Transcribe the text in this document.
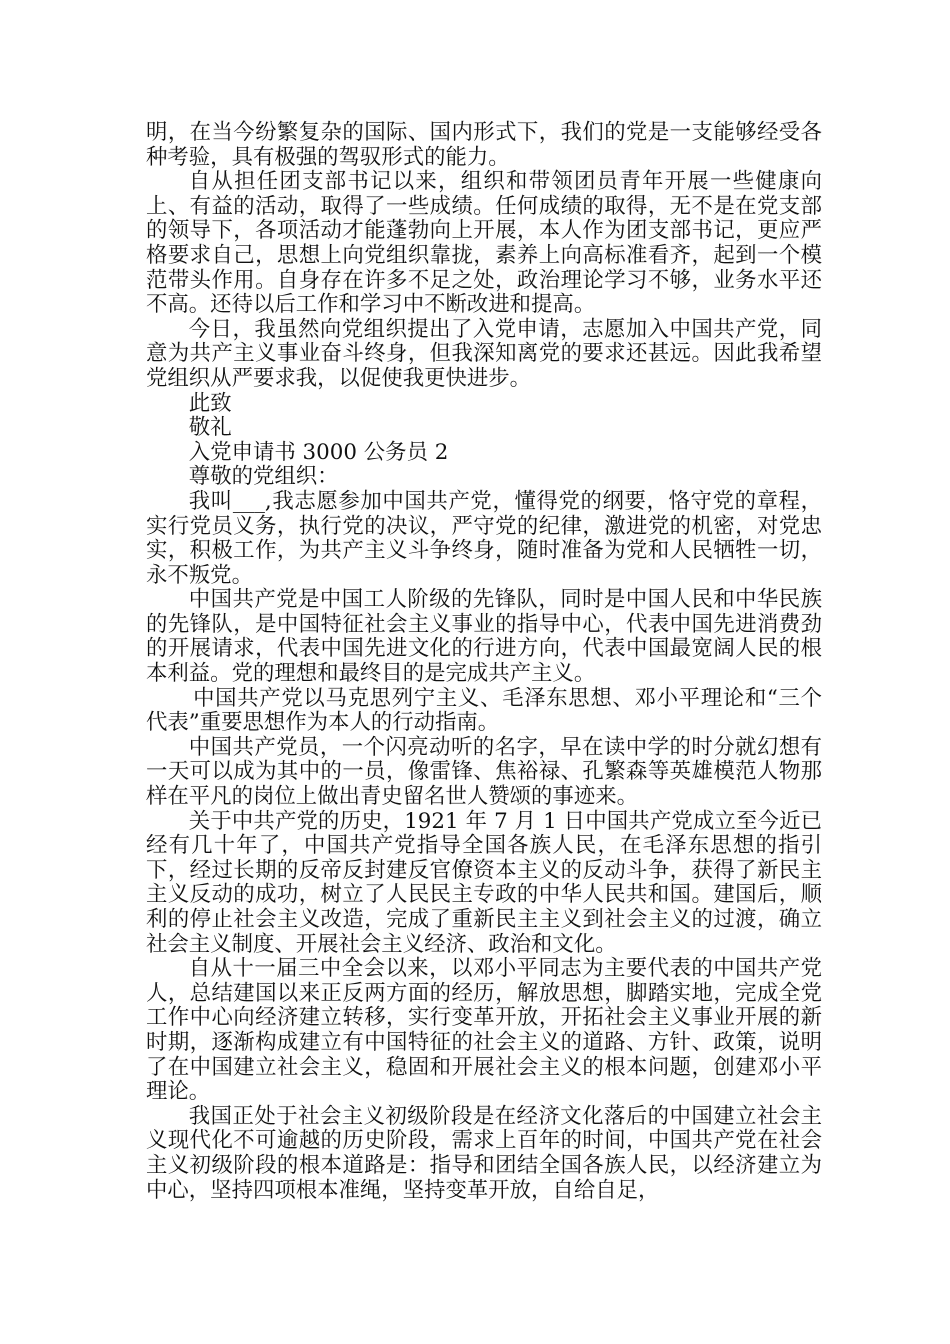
明，在当今纷繁复杂的国际、国内形式下，我们的党是一支能够经受各种考验，具有极强的驾驭形式的能力。

自从担任团支部书记以来，组织和带领团员青年开展一些健康向上、有益的活动，取得了一些成绩。任何成绩的取得，无不是在党支部的领导下，各项活动才能蓬勃向上开展，本人作为团支部书记，更应严格要求自己，思想上向党组织靠拢，素养上向高标准看齐，起到一个模范带头作用。自身存在许多不足之处，政治理论学习不够，业务水平还不高。还待以后工作和学习中不断改进和提高。

今日，我虽然向党组织提出了入党申请，志愿加入中国共产党，同意为共产主义事业奋斗终身，但我深知离党的要求还甚远。因此我希望党组织从严要求我，以促使我更快进步。

此致

敬礼

入党申请书 3000 公务员 2

尊敬的党组织：

我叫___,我志愿参加中国共产党，懂得党的纲要，恪守党的章程，实行党员义务，执行党的决议，严守党的纪律，激进党的机密，对党忠实，积极工作，为共产主义斗争终身，随时准备为党和人民牺牲一切，永不叛党。

中国共产党是中国工人阶级的先锋队，同时是中国人民和中华民族的先锋队，是中国特征社会主义事业的指导中心，代表中国先进消费劲的开展请求，代表中国先进文化的行进方向，代表中国最宽阔人民的根本利益。党的理想和最终目的是完成共产主义。

中国共产党以马克思列宁主义、毛泽东思想、邓小平理论和“三个代表”重要思想作为本人的行动指南。

中国共产党员，一个闪亮动听的名字，早在读中学的时分就幻想有一天可以成为其中的一员，像雷锋、焦裕禄、孔繁森等英雄模范人物那样在平凡的岗位上做出青史留名世人赞颂的事迹来。

关于中共产党的历史，1921 年 7 月 1 日中国共产党成立至今近已经有几十年了，中国共产党指导全国各族人民，在毛泽东思想的指引下，经过长期的反帝反封建反官僚资本主义的反动斗争，获得了新民主主义反动的成功，树立了人民民主专政的中华人民共和国。建国后，顺利的停止社会主义改造，完成了重新民主主义到社会主义的过渡，确立社会主义制度、开展社会主义经济、政治和文化。

自从十一届三中全会以来，以邓小平同志为主要代表的中国共产党人，总结建国以来正反两方面的经历，解放思想，脚踏实地，完成全党工作中心向经济建立转移，实行变革开放，开拓社会主义事业开展的新时期，逐渐构成建立有中国特征的社会主义的道路、方针、政策，说明了在中国建立社会主义，稳固和开展社会主义的根本问题，创建邓小平理论。

我国正处于社会主义初级阶段是在经济文化落后的中国建立社会主义现代化不可逾越的历史阶段，需求上百年的时间，中国共产党在社会主义初级阶段的根本道路是：指导和团结全国各族人民，以经济建立为中心，坚持四项根本准绳，坚持变革开放，自给自足，
